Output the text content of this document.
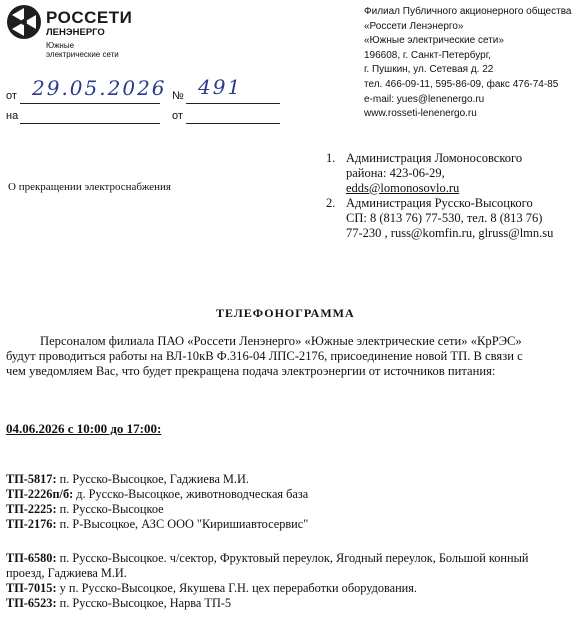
РОССЕТИ
ЛЕНЭНЕРГО
Южные
электрические сети
Филиал Публичного акционерного общества
«Россети Ленэнерго»
«Южные электрические сети»
196608, г. Санкт-Петербург,
г. Пушкин, ул. Сетевая д. 22
тел. 466-09-11, 595-86-09, факс 476-74-85
e-mail: yues@lenenergo.ru
www.rosseti-lenenergo.ru
от 29.05.2026 № 491
на	от
1. Администрация Ломоносовского
района: 423-06-29,
edds@lomonosovlo.ru
2. Администрация Русско-Высоцкого
СП: 8 (813 76) 77-530, тел. 8 (813 76)
77-230 , russ@komfin.ru, glruss@lmn.su
О прекращении электроснабжения
ТЕЛЕФОНОГРАММА
Персоналом филиала ПАО «Россети Ленэнерго» «Южные электрические сети» «КрРЭС»
будут проводиться работы на ВЛ-10кВ Ф.316-04 ЛПС-2176, присоединение новой ТП. В связи с
чем уведомляем Вас, что будет прекращена подача электроэнергии от источников питания:
04.06.2026 с 10:00 до 17:00:
ТП-5817: п. Русско-Высоцкое, Гаджиева М.И.
ТП-2226п/б: д. Русско-Высоцкое, животноводческая база
ТП-2225: п. Русско-Высоцкое
ТП-2176: п. Р-Высоцкое, АЗС ООО "Киришиавтосервис"
ТП-6580: п. Русско-Высоцкое. ч/сектор, Фруктовый переулок, Ягодный переулок, Большой конный
проезд, Гаджиева М.И.
ТП-7015: у п. Русско-Высоцкое, Якушева Г.Н. цех переработки оборудования.
ТП-6523: п. Русско-Высоцкое, Нарва ТП-5
